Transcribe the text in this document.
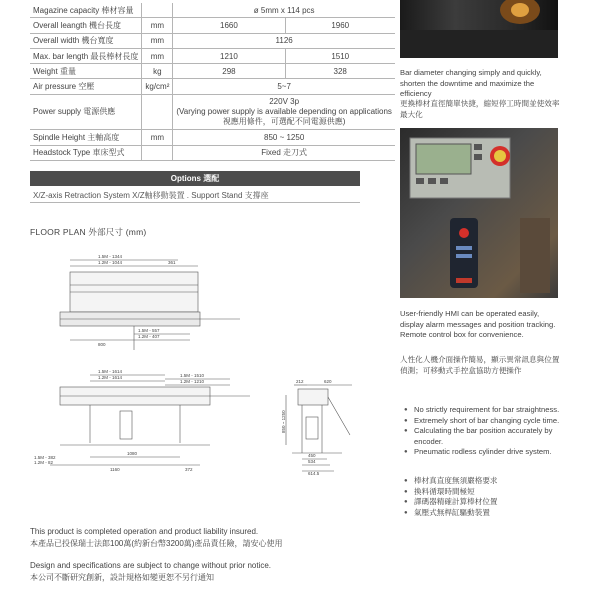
Magazine capacity 棒材容量		ø 5mm x 114 pcs	
Overall leangth 機台長度	mm	1660	1960
Overall width 機台寬度	mm	1126	
Max. bar length 最長棒材長度	mm	1210	1510
Weight 重量	kg	298	328
Air pressure 空壓	kg/cm²	5~7	
Power supply 電源供應		220V 3p
(Varying power supply is available depending on applications
視應用條件，可選配不同電源供應)	

Spindle Height 主軸高度	mm	850 ~ 1250	
Headstock Type 車床型式		Fixed 走刀式	
Options 選配
X/Z-axis Retraction System X/Z軸移動裝置 . Support Stand 支撐座
FLOOR PLAN 外部尺寸 (mm)
1.5M - 1344
1.2M - 1044	361
800
1.5M - 557
1.2M - 407
1.5M - 1614
1.2M - 1614	1.5M - 1510
1.2M - 1210
1080
1.5M - 382
1.2M - 82
1160	372
212	620
850 ~ 1250
450
534
614.5
Bar diameter changing simply and quickly, shorten the downtime and maximize the efficiency
更換棒材直徑簡單快捷，縮短停工時間並使效率最大化
User-friendly HMI can be operated easily, display alarm messages and position tracking. Remote control box for convenience.
人性化人機介面操作簡易，顯示異常訊息與位置偵測；可移動式手控盒協助方便操作
● No strictly requirement for bar straightness.
● Extremely short of bar changing cycle time.
● Calculating the bar position accurately by encoder.
● Pneumatic rodless cylinder drive system.
● 棒材真直度無須嚴格要求
● 換料循環時間極短
● 譯碼器精確計算棒材位置
● 氣壓式無桿缸驅動裝置
This product is completed operation and product liability insured.
本產品已投保瑞士法郎100萬(約新台幣3200萬)產品責任險，請安心使用
Design and specifications are subject to change without prior notice.
本公司不斷研究創新，設計規格如變更恕不另行通知
